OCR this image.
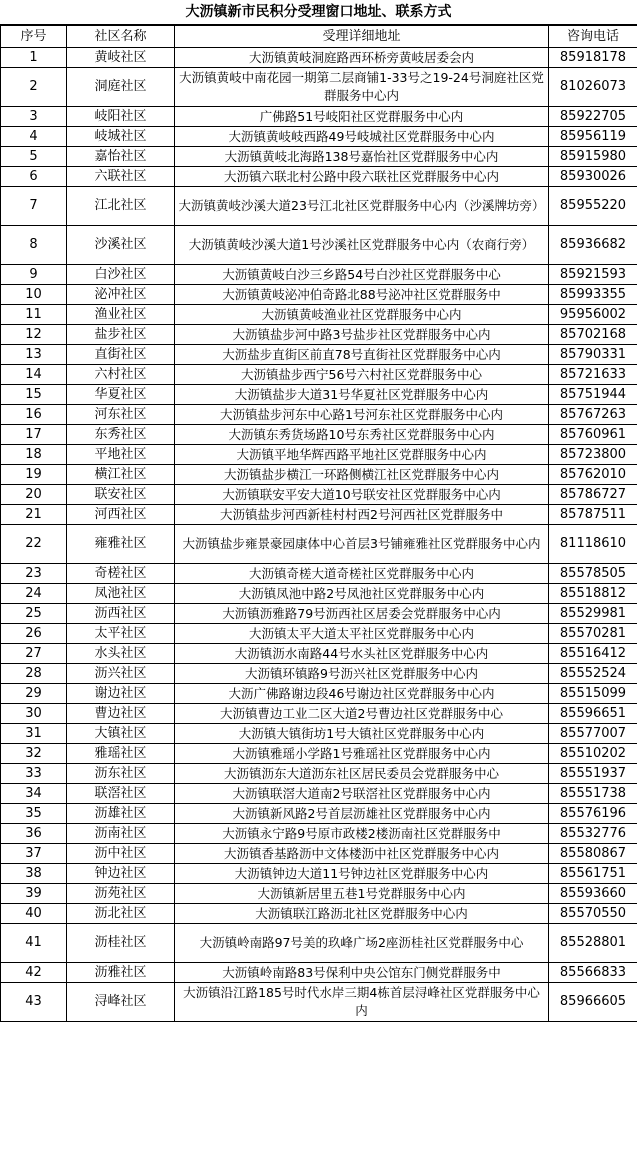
大沥镇新市民积分受理窗口地址、联系方式
序号	社区名称	受理详细地址	咨询电话
1	黄岐社区	大沥镇黄岐洞庭路西环桥旁黄岐居委会内	85918178
2	洞庭社区	大沥镇黄岐中南花园一期第二层商铺1-33号之19-24号洞庭社区党群服务中心内	81026073
3	岐阳社区	广佛路51号岐阳社区党群服务中心内	85922705
4	岐城社区	大沥镇黄岐岐西路49号岐城社区党群服务中心内	85956119
5	嘉怡社区	大沥镇黄岐北海路138号嘉怡社区党群服务中心内	85915980
6	六联社区	大沥镇六联北村公路中段六联社区党群服务中心内	85930026
7	江北社区	大沥镇黄岐沙溪大道23号江北社区党群服务中心内（沙溪牌坊旁）	85955220
8	沙溪社区	大沥镇黄岐沙溪大道1号沙溪社区党群服务中心内（农商行旁）	85936682
9	白沙社区	大沥镇黄岐白沙三乡路54号白沙社区党群服务中心	85921593
10	泌冲社区	大沥镇黄岐泌冲伯奇路北88号泌冲社区党群服务中	85993355
11	渔业社区	大沥镇黄岐渔业社区党群服务中心内	95956002
12	盐步社区	大沥镇盐步河中路3号盐步社区党群服务中心内	85702168
13	直街社区	大沥盐步直街区前直78号直街社区党群服务中心内	85790331
14	六村社区	大沥镇盐步西宁56号六村社区党群服务中心	85721633
15	华夏社区	大沥镇盐步大道31号华夏社区党群服务中心内	85751944
16	河东社区	大沥镇盐步河东中心路1号河东社区党群服务中心内	85767263
17	东秀社区	大沥镇东秀货场路10号东秀社区党群服务中心内	85760961
18	平地社区	大沥镇平地华辉西路平地社区党群服务中心内	85723800
19	横江社区	大沥镇盐步横江一环路侧横江社区党群服务中心内	85762010
20	联安社区	大沥镇联安平安大道10号联安社区党群服务中心内	85786727
21	河西社区	大沥镇盐步河西新桂村村西2号河西社区党群服务中	85787511
22	雍雅社区	大沥镇盐步雍景豪园康体中心首层3号铺雍雅社区党群服务中心内	81118610
23	奇槎社区	大沥镇奇槎大道奇槎社区党群服务中心内	85578505
24	凤池社区	大沥镇凤池中路2号凤池社区党群服务中心内	85518812
25	沥西社区	大沥镇沥雅路79号沥西社区居委会党群服务中心内	85529981
26	太平社区	大沥镇太平大道太平社区党群服务中心内	85570281
27	水头社区	大沥镇沥水南路44号水头社区党群服务中心内	85516412
28	沥兴社区	大沥镇环镇路9号沥兴社区党群服务中心内	85552524
29	谢边社区	大沥广佛路谢边段46号谢边社区党群服务中心内	85515099
30	曹边社区	大沥镇曹边工业二区大道2号曹边社区党群服务中心	85596651
31	大镇社区	大沥镇大镇街坊1号大镇社区党群服务中心内	85577007
32	雅瑶社区	大沥镇雅瑶小学路1号雅瑶社区党群服务中心内	85510202
33	沥东社区	大沥镇沥东大道沥东社区居民委员会党群服务中心	85551937
34	联滘社区	大沥镇联滘大道南2号联滘社区党群服务中心内	85551738
35	沥雄社区	大沥镇新风路2号首层沥雄社区党群服务中心内	85576196
36	沥南社区	大沥镇永宁路9号原市政楼2楼沥南社区党群服务中	85532776
37	沥中社区	大沥镇香基路沥中文体楼沥中社区党群服务中心内	85580867
38	钟边社区	大沥镇钟边大道11号钟边社区党群服务中心内	85561751
39	沥苑社区	大沥镇新居里五巷1号党群服务中心内	85593660
40	沥北社区	大沥镇联江路沥北社区党群服务中心内	85570550
41	沥桂社区	大沥镇岭南路97号美的玖峰广场2座沥桂社区党群服务中心	85528801
42	沥雅社区	大沥镇岭南路83号保利中央公馆东门侧党群服务中	85566833
43	浔峰社区	大沥镇沿江路185号时代水岸三期4栋首层浔峰社区党群服务中心内	85966605
